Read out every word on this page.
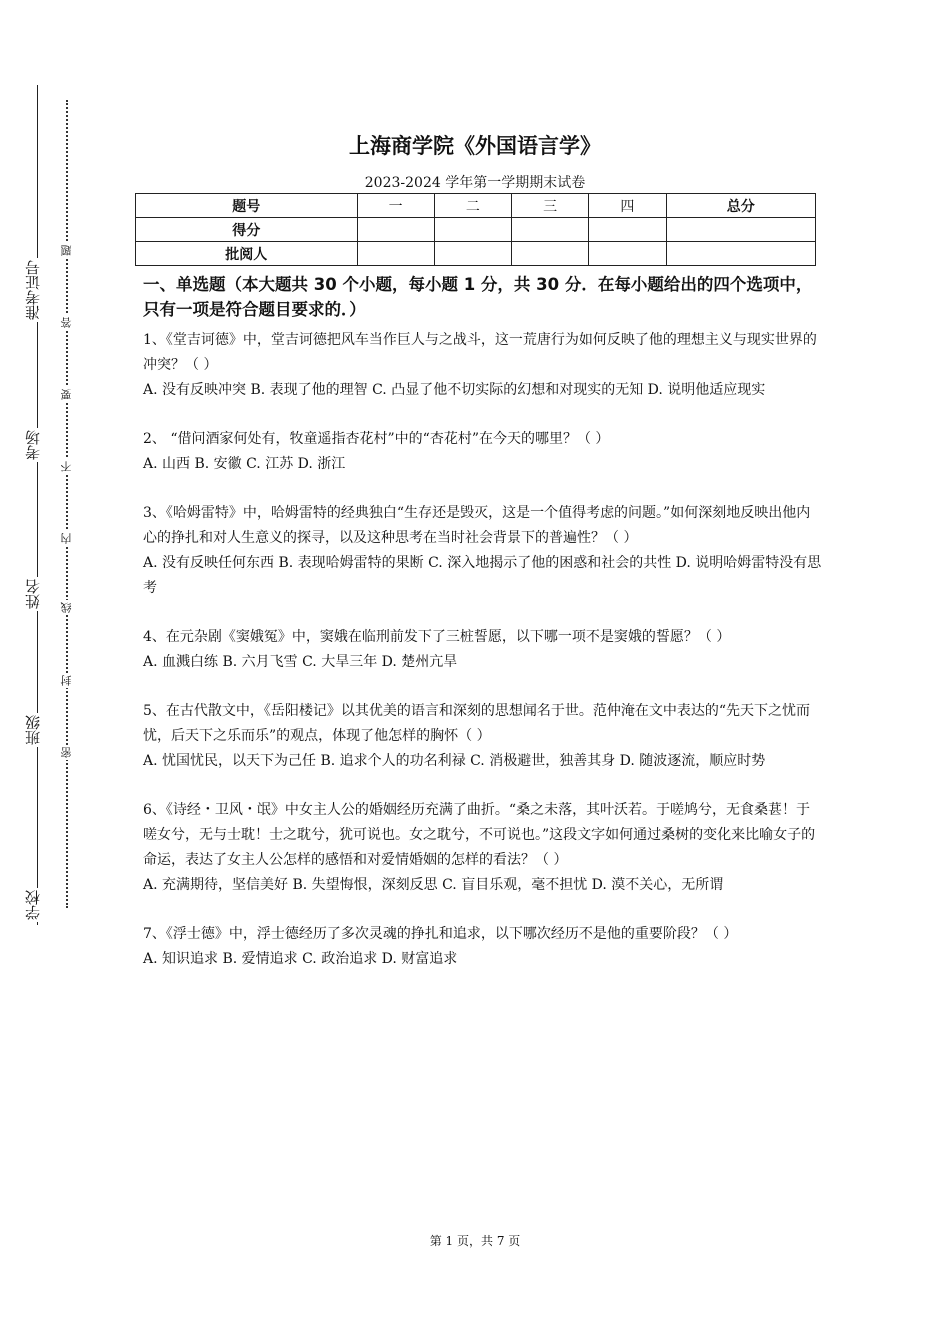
准考证号
考场
姓名
班级
学校
题
答
要
不
内
线
封
密
上海商学院《外国语言学》
2023-2024 学年第一学期期末试卷
题号	一	二	三	四	总分
得分					
批阅人					

一、单选题（本大题共 30 个小题，每小题 1 分，共 30 分．在每小题给出的四个选项中，只有一项是符合题目要求的．）

1、《堂吉诃德》中，堂吉诃德把风车当作巨人与之战斗，这一荒唐行为如何反映了他的理想主义与现实世界的冲突？（ ）

A. 没有反映冲突 B. 表现了他的理智 C. 凸显了他不切实际的幻想和对现实的无知 D. 说明他适应现实

2、 “借问酒家何处有，牧童遥指杏花村”中的“杏花村”在今天的哪里？（ ）

A. 山西 B. 安徽 C. 江苏 D. 浙江

3、《哈姆雷特》中，哈姆雷特的经典独白“生存还是毁灭，这是一个值得考虑的问题。”如何深刻地反映出他内心的挣扎和对人生意义的探寻，以及这种思考在当时社会背景下的普遍性？（ ）

A. 没有反映任何东西 B. 表现哈姆雷特的果断 C. 深入地揭示了他的困惑和社会的共性 D. 说明哈姆雷特没有思考

4、在元杂剧《窦娥冤》中，窦娥在临刑前发下了三桩誓愿，以下哪一项不是窦娥的誓愿？（ ）

A. 血溅白练 B. 六月飞雪 C. 大旱三年 D. 楚州亢旱

5、在古代散文中，《岳阳楼记》以其优美的语言和深刻的思想闻名于世。范仲淹在文中表达的“先天下之忧而忧，后天下之乐而乐”的观点，体现了他怎样的胸怀（ ）

A. 忧国忧民，以天下为己任 B. 追求个人的功名利禄 C. 消极避世，独善其身 D. 随波逐流，顺应时势

6、《诗经・卫风・氓》中女主人公的婚姻经历充满了曲折。“桑之未落，其叶沃若。于嗟鸠兮，无食桑葚！于嗟女兮，无与士耽！士之耽兮，犹可说也。女之耽兮，不可说也。”这段文字如何通过桑树的变化来比喻女子的命运，表达了女主人公怎样的感悟和对爱情婚姻的怎样的看法？（ ）

A. 充满期待，坚信美好 B. 失望悔恨，深刻反思 C. 盲目乐观，毫不担忧 D. 漠不关心，无所谓

7、《浮士德》中，浮士德经历了多次灵魂的挣扎和追求，以下哪次经历不是他的重要阶段？（ ）

A. 知识追求 B. 爱情追求 C. 政治追求 D. 财富追求

第 1 页，共 7 页
